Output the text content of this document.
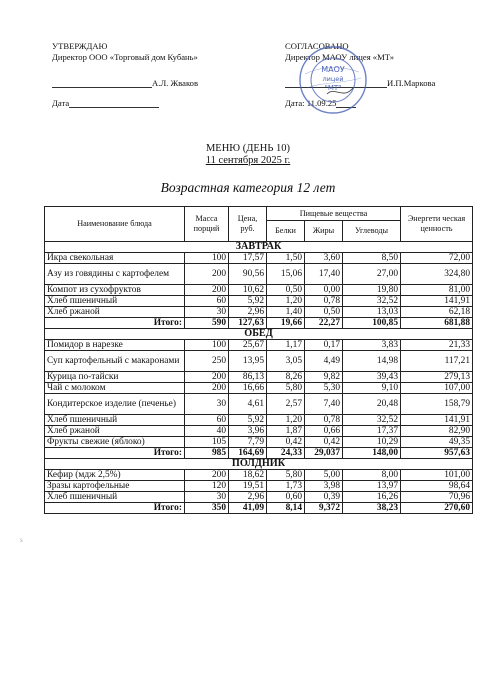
УТВЕРЖДАЮ
Директор ООО «Торговый дом Кубань»
А.Л. Жваков
Дата
СОГЛАСОВАНО
Директор МАОУ лицея «МТ»
И.П.Маркова
Дата: 11.09.25
МАОУ
лицей
"МТ"
МЕНЮ (ДЕНЬ 10)
11 сентября 2025 г.
Возрастная категория 12 лет
Наименование блюда	Масса порций	Цена, руб.	Пищевые вещества			Энергети ческая ценность
			Белки	Жиры	Углеводы	
ЗАВТРАК						
Икра свекольная	100	17,57	1,50	3,60	8,50	72,00
Азу из говядины с картофелем	200	90,56	15,06	17,40	27,00	324,80
Компот из сухофруктов	200	10,62	0,50	0,00	19,80	81,00
Хлеб пшеничный	60	5,92	1,20	0,78	32,52	141,91
Хлеб ржаной	30	2,96	1,40	0,50	13,03	62,18
Итого:	590	127,63	19,66	22,27	100,85	681,88
ОБЕД						
Помидор в нарезке	100	25,67	1,17	0,17	3,83	21,33
Суп картофельный с макаронами	250	13,95	3,05	4,49	14,98	117,21
Курица по-тайски	200	86,13	8,26	9,82	39,43	279,13
Чай с молоком	200	16,66	5,80	5,30	9,10	107,00
Кондитерское изделие (печенье)	30	4,61	2,57	7,40	20,48	158,79
Хлеб пшеничный	60	5,92	1,20	0,78	32,52	141,91
Хлеб ржаной	40	3,96	1,87	0,66	17,37	82,90
Фрукты свежие (яблоко)	105	7,79	0,42	0,42	10,29	49,35
Итого:	985	164,69	24,33	29,037	148,00	957,63
ПОЛДНИК						
Кефир (мдж 2,5%)	200	18,62	5,80	5,00	8,00	101,00
Зразы картофельные	120	19,51	1,73	3,98	13,97	98,64
Хлеб пшеничный	30	2,96	0,60	0,39	16,26	70,96
Итого:	350	41,09	8,14	9,372	38,23	270,60
s
